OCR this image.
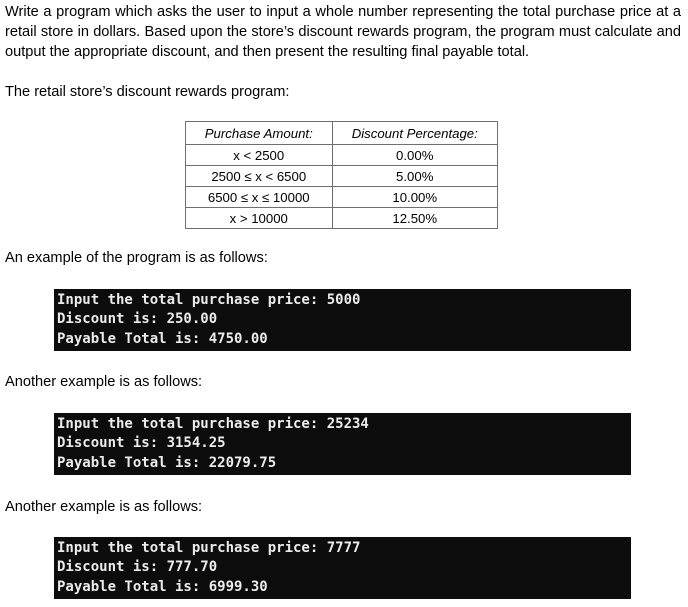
Write a program which asks the user to input a whole number representing the total purchase price at a retail store in dollars. Based upon the store’s discount rewards program, the program must calculate and output the appropriate discount, and then present the resulting final payable total.

The retail store’s discount rewards program:

Purchase Amount:	Discount Percentage:
x < 2500	0.00%
2500 ≤ x < 6500	5.00%
6500 ≤ x ≤ 10000	10.00%
x > 10000	12.50%

An example of the program is as follows:

Input the total purchase price: 5000
Discount is: 250.00
Payable Total is: 4750.00

Another example is as follows:

Input the total purchase price: 25234
Discount is: 3154.25
Payable Total is: 22079.75

Another example is as follows:

Input the total purchase price: 7777
Discount is: 777.70
Payable Total is: 6999.30
